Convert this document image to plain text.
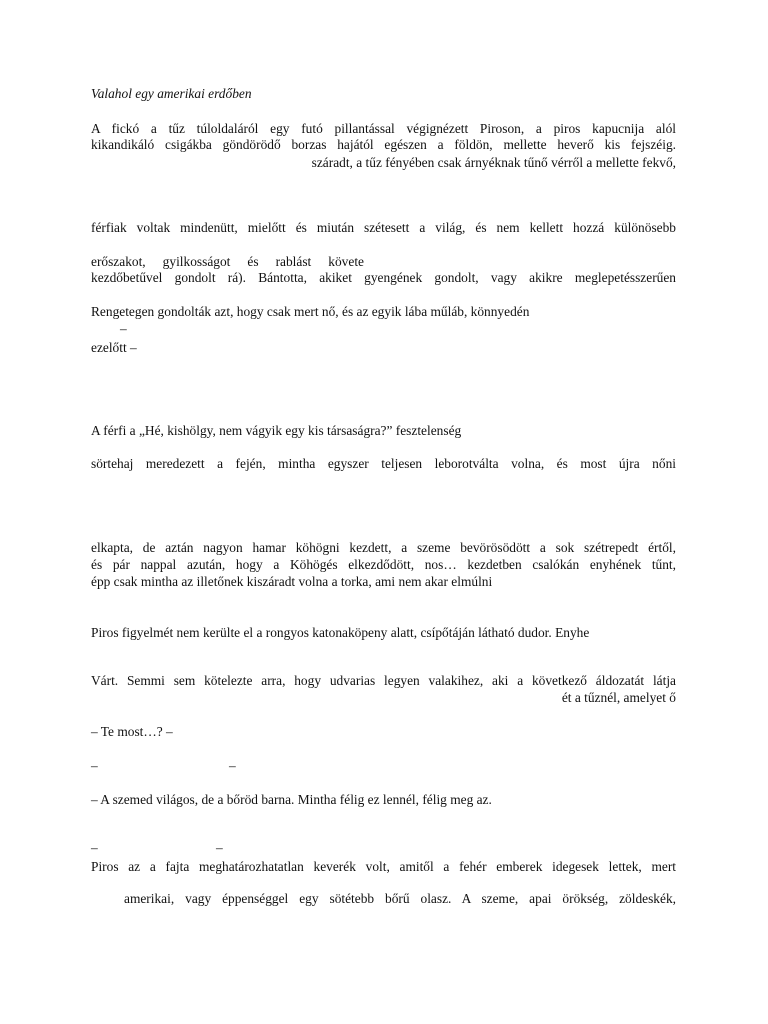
Valahol egy amerikai erdőben
A fickó a tűz túloldaláról egy futó pillantással végignézett Piroson, a piros kapucnija alól
kikandikáló csigákba göndörödő borzas hajától egészen a földön, mellette heverő kis fejszéig.
száradt, a tűz fényében csak árnyéknak tűnő vérről a mellette fekvő,
férfiak voltak mindenütt, mielőtt és miután szétesett a világ, és nem kellett hozzá különösebb
erőszakot, gyilkosságot és rablást követe
kezdőbetűvel gondolt rá). Bántotta, akiket gyengének gondolt, vagy akikre meglepetésszerűen
Rengetegen gondolták azt, hogy csak mert nő, és az egyik lába műláb, könnyedén
–
ezelőtt –
A férfi a „Hé, kishölgy, nem vágyik egy kis társaságra?” fesztelenség
sörtehaj meredezett a fején, mintha egyszer teljesen leborotválta volna, és most újra nőni
elkapta, de aztán nagyon hamar köhögni kezdett, a szeme bevörösödött a sok szétrepedt értől,
és pár nappal azután, hogy a Köhögés elkezdődött, nos… kezdetben csalókán enyhének tűnt,
épp csak mintha az illetőnek kiszáradt volna a torka, ami nem akar elmúlni
Piros figyelmét nem kerülte el a rongyos katonaköpeny alatt, csípőtáján látható dudor. Enyhe
Várt. Semmi sem kötelezte arra, hogy udvarias legyen valakihez, aki a következő áldozatát látja
ét a tűznél, amelyet ő
– Te most…? –
–	–
– A szemed világos, de a bőröd barna. Mintha félig ez lennél, félig meg az.
–	–
Piros az a fajta meghatározhatatlan keverék volt, amitől a fehér emberek idegesek lettek, mert
amerikai, vagy éppenséggel egy sötétebb bőrű olasz. A szeme, apai örökség, zöldeskék,
